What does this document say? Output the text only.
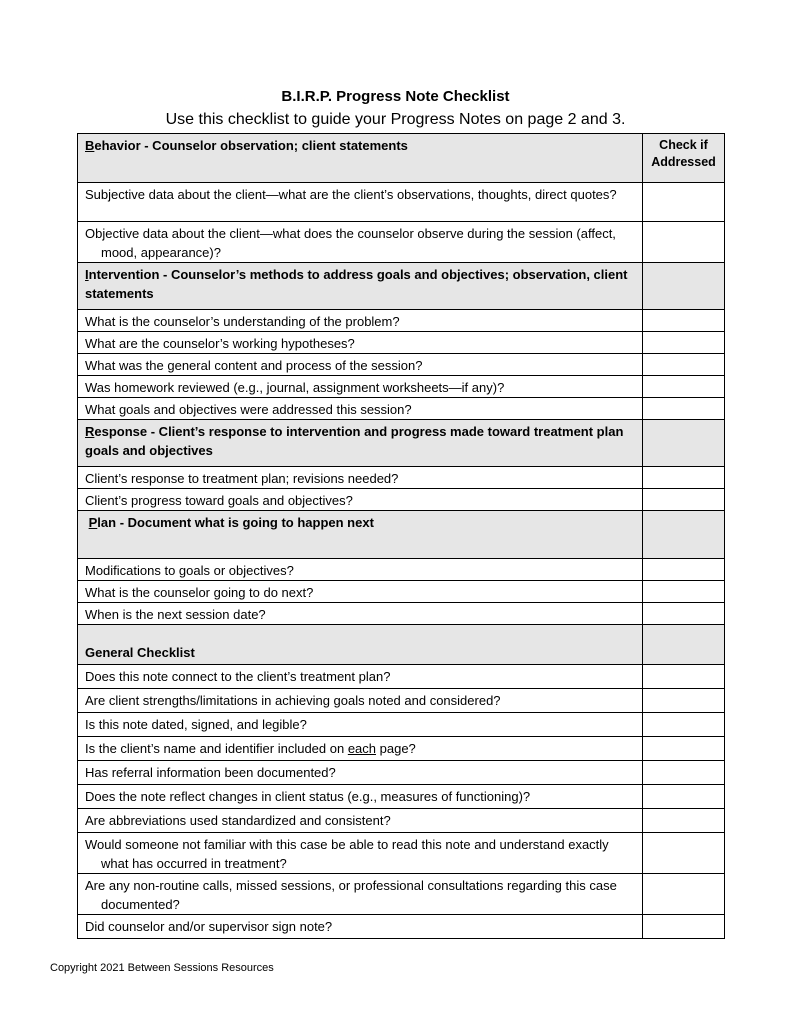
B.I.R.P. Progress Note Checklist
Use this checklist to guide your Progress Notes on page 2 and 3.
Behavior - Counselor observation; client statements	Check if Addressed
Subjective data about the client—what are the client’s observations, thoughts, direct quotes?	
Objective data about the client—what does the counselor observe during the session (affect, mood, appearance)?	
Intervention - Counselor’s methods to address goals and objectives; observation, client statements	
What is the counselor’s understanding of the problem?	
What are the counselor’s working hypotheses?	
What was the general content and process of the session?	
Was homework reviewed (e.g., journal, assignment worksheets—if any)?	
What goals and objectives were addressed this session?	
Response - Client’s response to intervention and progress made toward treatment plan goals and objectives	
Client’s response to treatment plan; revisions needed?	
Client’s progress toward goals and objectives?	
Plan - Document what is going to happen next	
Modifications to goals or objectives?	
What is the counselor going to do next?	
When is the next session date?	
General Checklist	
Does this note connect to the client’s treatment plan?	
Are client strengths/limitations in achieving goals noted and considered?	
Is this note dated, signed, and legible?	
Is the client’s name and identifier included on each page?	
Has referral information been documented?	
Does the note reflect changes in client status (e.g., measures of functioning)?	
Are abbreviations used standardized and consistent?	
Would someone not familiar with this case be able to read this note and understand exactly what has occurred in treatment?	
Are any non-routine calls, missed sessions, or professional consultations regarding this case documented?	
Did counselor and/or supervisor sign note?	
Copyright 2021 Between Sessions Resources
